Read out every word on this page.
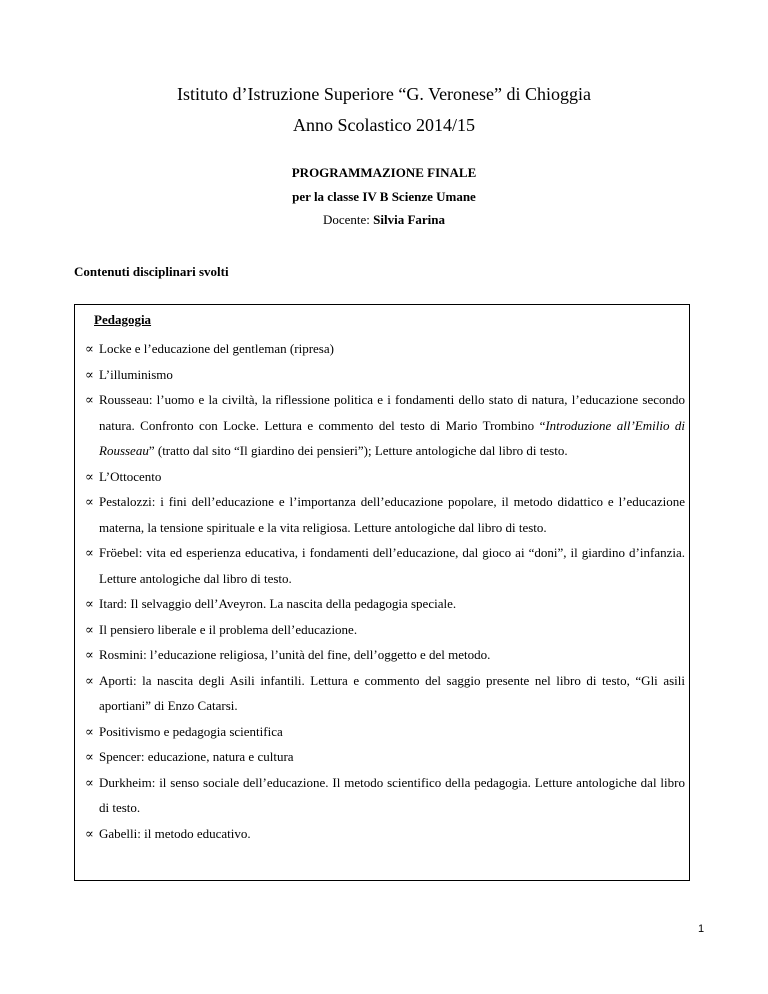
Istituto d’Istruzione Superiore “G. Veronese” di Chioggia
Anno Scolastico 2014/15
PROGRAMMAZIONE FINALE
per la classe IV B Scienze Umane
Docente: Silvia Farina
Contenuti disciplinari svolti
Pedagogia
∝ Locke e l’educazione del gentleman (ripresa)
∝ L’illuminismo
∝ Rousseau: l’uomo e la civiltà, la riflessione politica e i fondamenti dello stato di natura, l’educazione secondo natura. Confronto con Locke. Lettura e commento del testo di Mario Trombino “Introduzione all’Emilio di Rousseau” (tratto dal sito “Il giardino dei pensieri”); Letture antologiche dal libro di testo.
∝ L’Ottocento
∝ Pestalozzi: i fini dell’educazione e l’importanza dell’educazione popolare, il metodo didattico e l’educazione materna, la tensione spirituale e la vita religiosa. Letture antologiche dal libro di testo.
∝ Frӧebel: vita ed esperienza educativa, i fondamenti dell’educazione, dal gioco ai “doni”, il giardino d’infanzia. Letture antologiche dal libro di testo.
∝ Itard: Il selvaggio dell’Aveyron. La nascita della pedagogia speciale.
∝ Il pensiero liberale e il problema dell’educazione.
∝ Rosmini: l’educazione religiosa, l’unità del fine, dell’oggetto e del metodo.
∝ Aporti: la nascita degli Asili infantili. Lettura e commento del saggio presente nel libro di testo, “Gli asili aportiani” di Enzo Catarsi.
∝ Positivismo e pedagogia scientifica
∝ Spencer: educazione, natura e cultura
∝ Durkheim: il senso sociale dell’educazione. Il metodo scientifico della pedagogia. Letture antologiche dal libro di testo.
∝ Gabelli: il metodo educativo.
1
